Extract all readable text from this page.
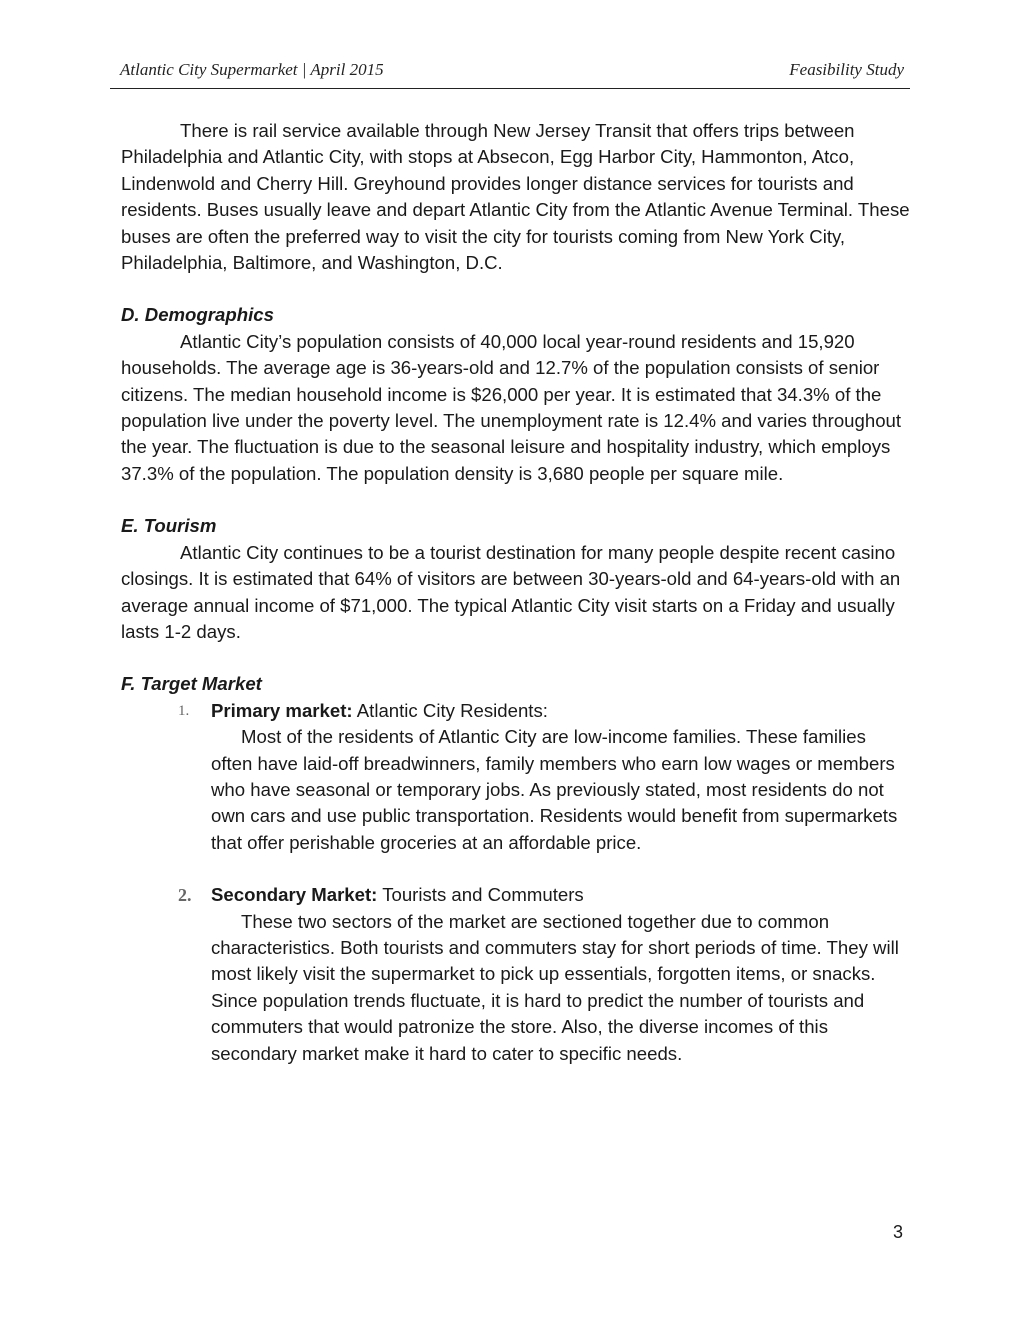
Atlantic City Supermarket | April 2015	Feasibility Study

There is rail service available through New Jersey Transit that offers trips between Philadelphia and Atlantic City, with stops at Absecon, Egg Harbor City, Hammonton, Atco, Lindenwold and Cherry Hill. Greyhound provides longer distance services for tourists and residents. Buses usually leave and depart Atlantic City from the Atlantic Avenue Terminal. These buses are often the preferred way to visit the city for tourists coming from New York City, Philadelphia, Baltimore, and Washington, D.C.

D. Demographics

Atlantic City’s population consists of 40,000 local year-round residents and 15,920 households. The average age is 36-years-old and 12.7% of the population consists of senior citizens. The median household income is $26,000 per year. It is estimated that 34.3% of the population live under the poverty level. The unemployment rate is 12.4% and varies throughout the year. The fluctuation is due to the seasonal leisure and hospitality industry, which employs 37.3% of the population. The population density is 3,680 people per square mile.

E. Tourism

Atlantic City continues to be a tourist destination for many people despite recent casino closings. It is estimated that 64% of visitors are between 30-years-old and 64-years-old with an average annual income of $71,000. The typical Atlantic City visit starts on a Friday and usually lasts 1-2 days.

F. Target Market
1. Primary market: Atlantic City Residents:

Most of the residents of Atlantic City are low-income families. These families often have laid-off breadwinners, family members who earn low wages or members who have seasonal or temporary jobs. As previously stated, most residents do not own cars and use public transportation. Residents would benefit from supermarkets that offer perishable groceries at an affordable price.

2. Secondary Market: Tourists and Commuters

These two sectors of the market are sectioned together due to common characteristics. Both tourists and commuters stay for short periods of time. They will most likely visit the supermarket to pick up essentials, forgotten items, or snacks. Since population trends fluctuate, it is hard to predict the number of tourists and commuters that would patronize the store. Also, the diverse incomes of this secondary market make it hard to cater to specific needs.

3
